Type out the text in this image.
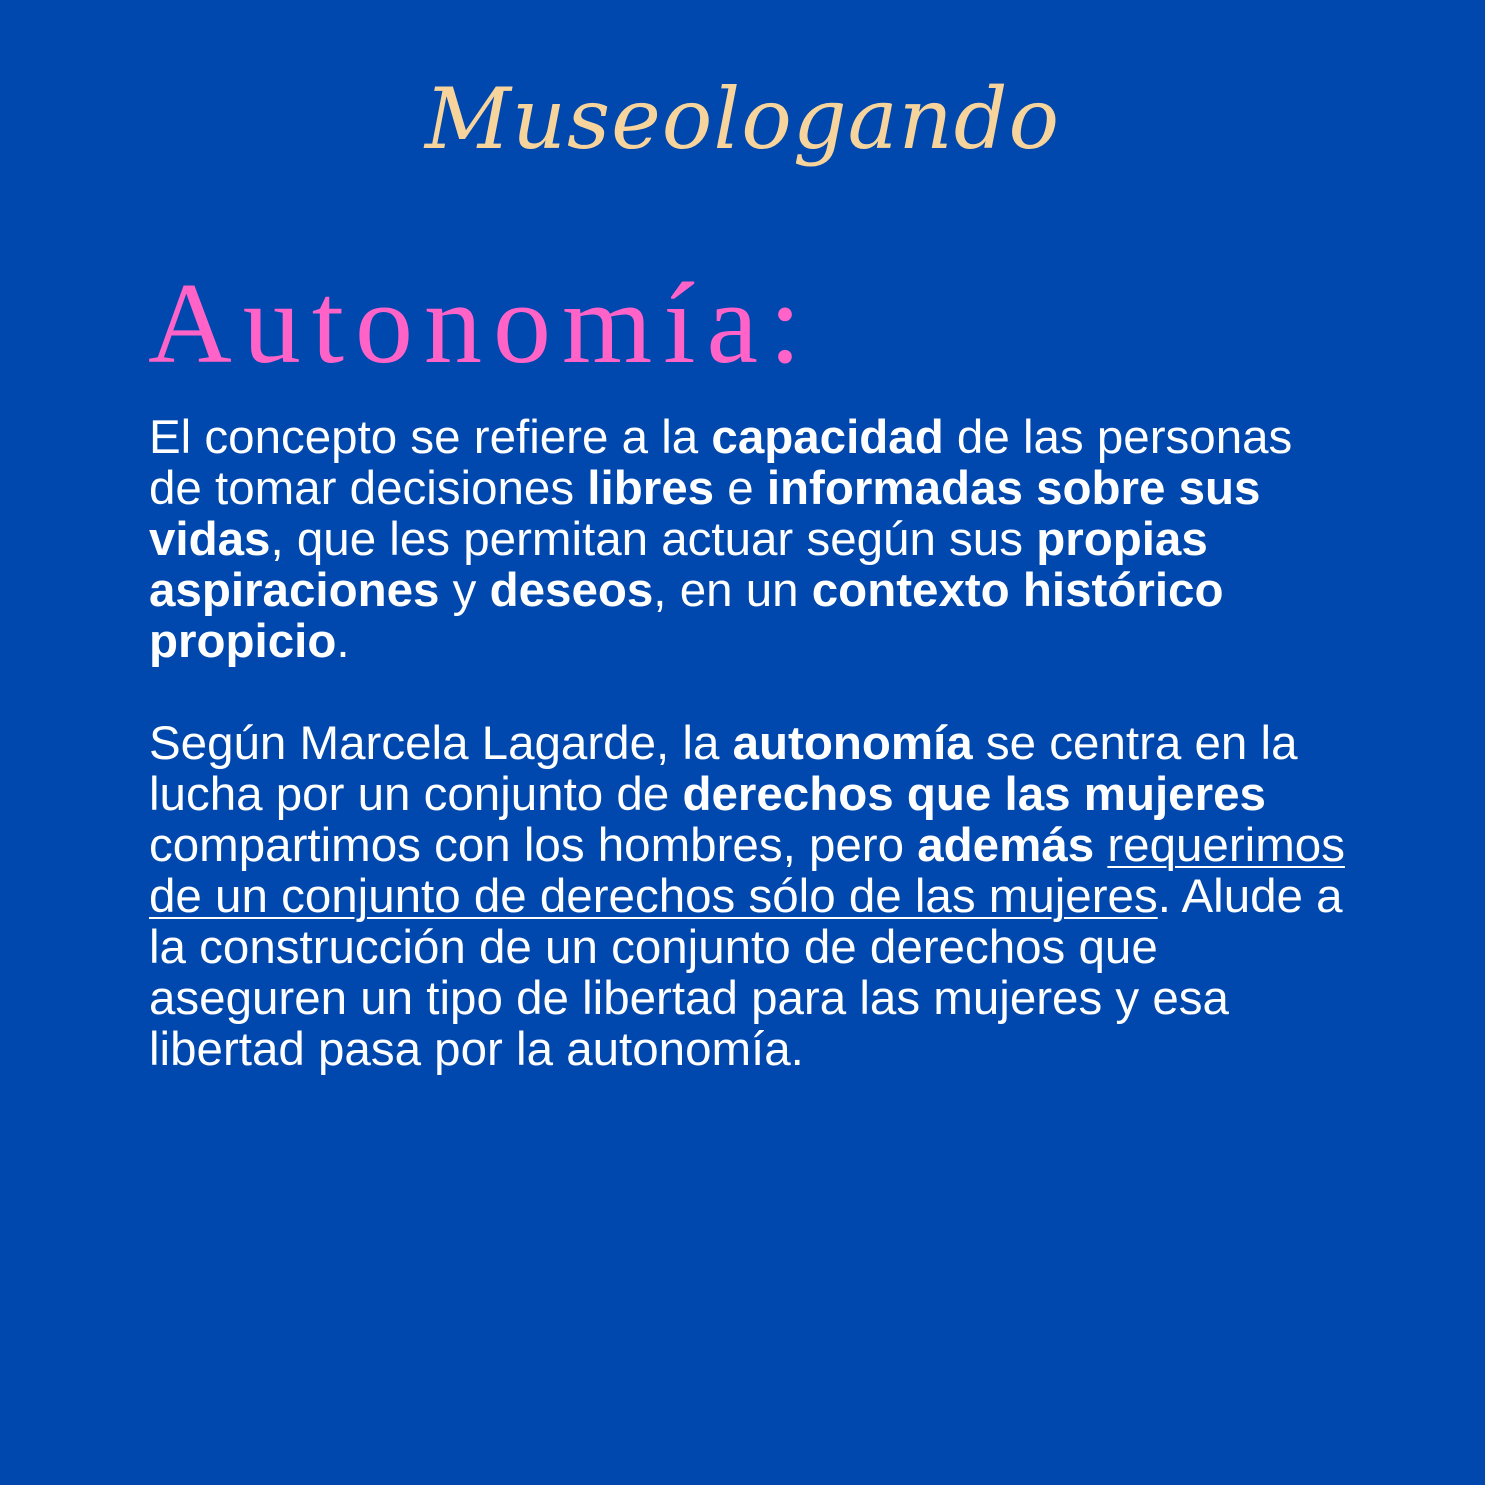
Museologando
Autonomía:

El concepto se refiere a la capacidad de las personas de tomar decisiones libres e informadas sobre sus vidas, que les permitan actuar según sus propias aspiraciones y deseos, en un contexto histórico propicio.

Según Marcela Lagarde, la autonomía se centra en la lucha por un conjunto de derechos que las mujeres compartimos con los hombres, pero además requerimos de un conjunto de derechos sólo de las mujeres. Alude a la construcción de un conjunto de derechos que aseguren un tipo de libertad para las mujeres y esa libertad pasa por la autonomía.
